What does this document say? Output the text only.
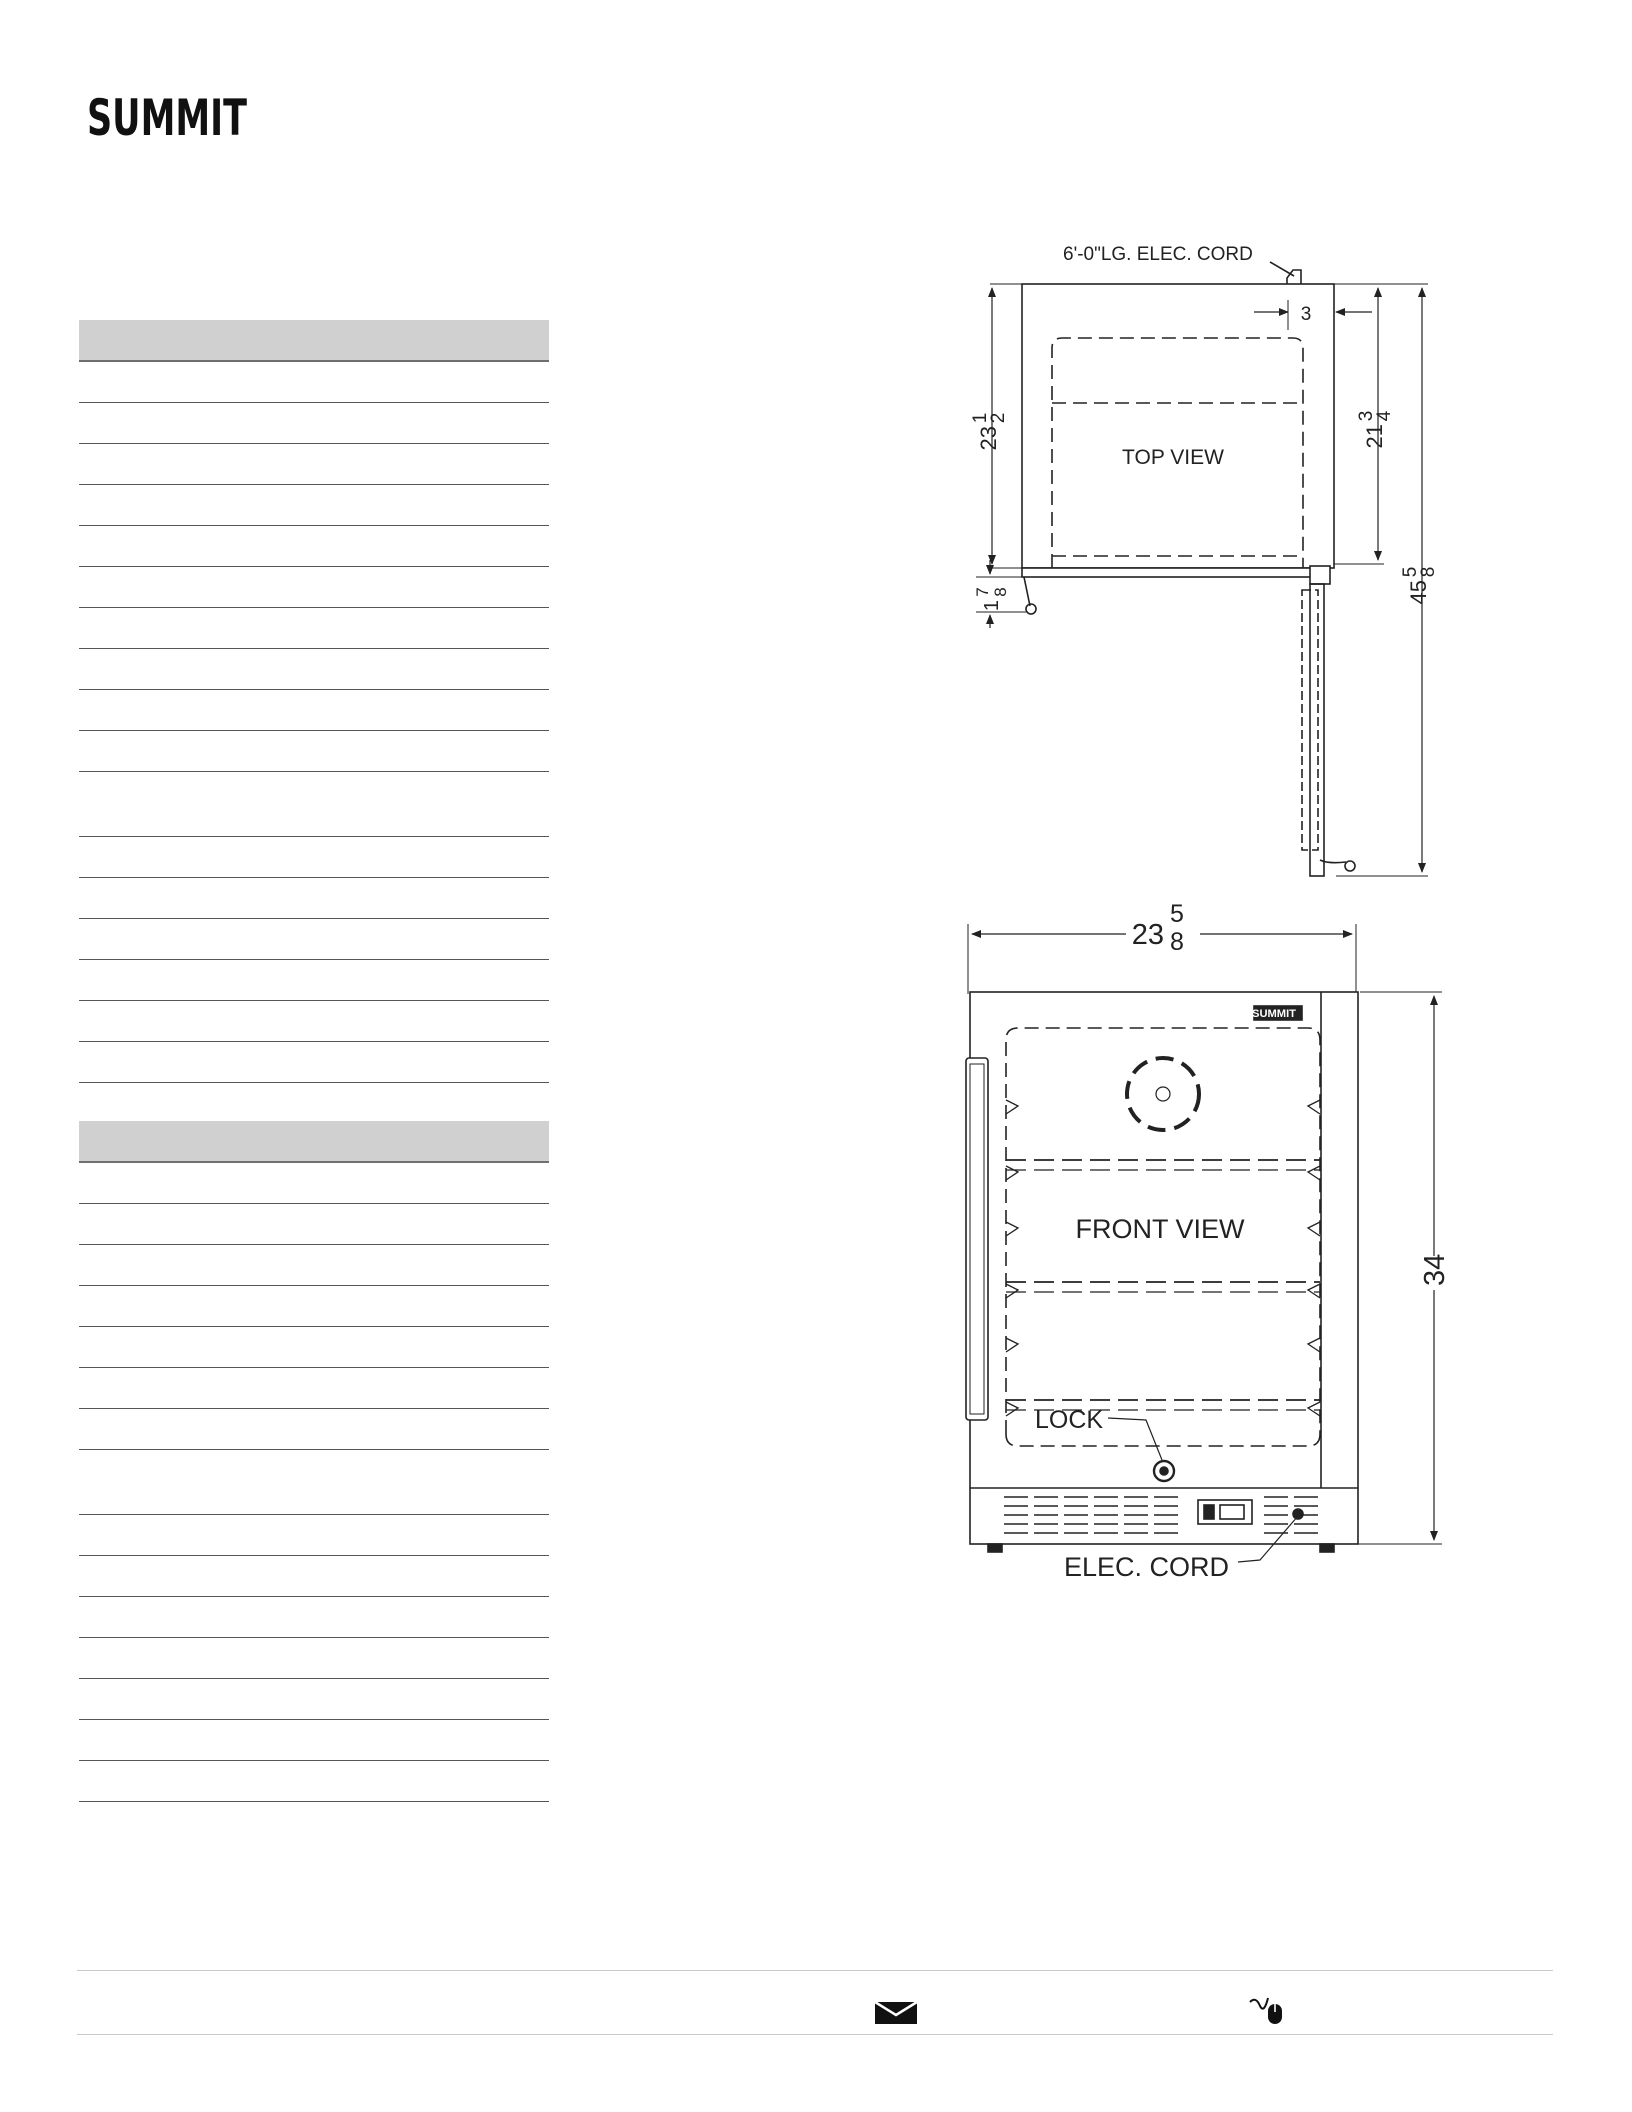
SUMMIT
6'-0"LG. ELEC. CORD
TOP VIEW
3
23
1
2
1
7 8
21
3
4
45
5
8
SUMMIT
FRONT VIEW
LOCK
ELEC. CORD
23
5
8
34
